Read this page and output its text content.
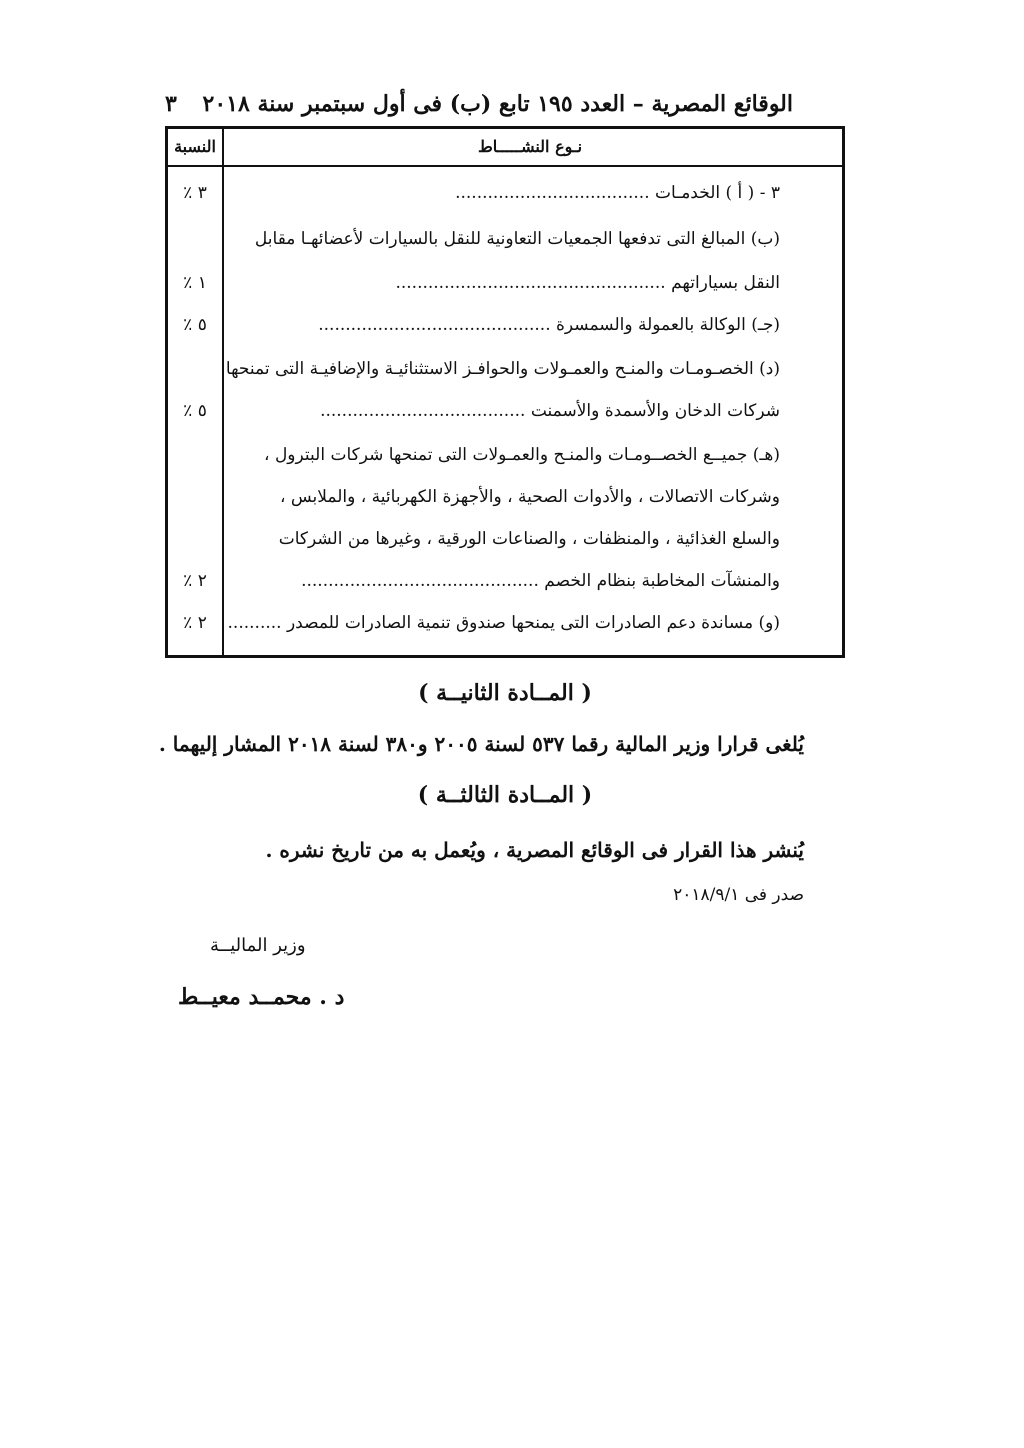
الوقائع المصرية – العدد ١٩٥ تابع (ب) فى أول سبتمبر سنة ٢٠١٨
٣
نـوع النشـــــاط
النسبة
٣ - ( أ ) الخدمـات ....................................
٣ ٪
(ب) المبالغ التى تدفعها الجمعيات التعاونية للنقل بالسيارات لأعضائهـا مقابل
النقل بسياراتهم ..................................................
١ ٪
(جـ) الوكالة بالعمولة والسمسرة ...........................................
٥ ٪
(د) الخصـومـات والمنـح والعمـولات والحوافـز الاستثنائيـة والإضافيـة التى تمنحها
شركات الدخان والأسمدة والأسمنت ......................................
٥ ٪
(هـ) جميــع الخصــومـات والمنـح والعمـولات التى تمنحها شركات البترول ،
وشركات الاتصالات ، والأدوات الصحية ، والأجهزة الكهربائية ، والملابس ،
والسلع الغذائية ، والمنظفات ، والصناعات الورقية ، وغيرها من الشركات
والمنشآت المخاطبة بنظام الخصم ............................................
٢ ٪
(و) مساندة دعم الصادرات التى يمنحها صندوق تنمية الصادرات للمصدر ..........
٢ ٪
( المــادة الثانيــة )
يُلغى قرارا وزير المالية رقما ٥٣٧ لسنة ٢٠٠٥ و٣٨٠ لسنة ٢٠١٨ المشار إليهما .
( المــادة الثالثــة )
يُنشر هذا القرار فى الوقائع المصرية ، ويُعمل به من تاريخ نشره .
صدر فى ٢٠١٨/٩/١
وزير الماليــة
د . محمــد معيــط
